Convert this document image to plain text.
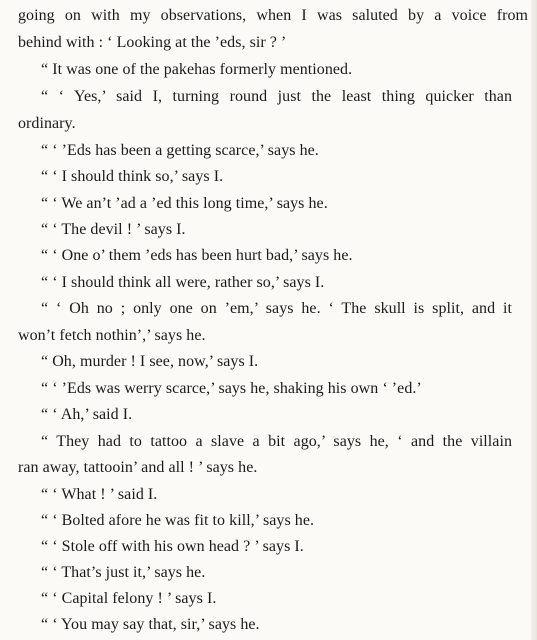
going on with my observations, when I was saluted by a voice from
behind with : ‘ Looking at the ’eds, sir ? ’
“ It was one of the pakehas formerly mentioned.
“ ‘ Yes,’ said I, turning round just the least thing quicker than
ordinary.
“ ‘ ’Eds has been a getting scarce,’ says he.
“ ‘ I should think so,’ says I.
“ ‘ We an’t ’ad a ’ed this long time,’ says he.
“ ‘ The devil ! ’ says I.
“ ‘ One o’ them ’eds has been hurt bad,’ says he.
“ ‘ I should think all were, rather so,’ says I.
“ ‘ Oh no ; only one on ’em,’ says he. ‘ The skull is split, and it
won’t fetch nothin’,’ says he.
“ Oh, murder ! I see, now,’ says I.
“ ‘ ’Eds was werry scarce,’ says he, shaking his own ‘ ’ed.’
“ ‘ Ah,’ said I.
“ They had to tattoo a slave a bit ago,’ says he, ‘ and the villain
ran away, tattooin’ and all ! ’ says he.
“ ‘ What ! ’ said I.
“ ‘ Bolted afore he was fit to kill,’ says he.
“ ‘ Stole off with his own head ? ’ says I.
“ ‘ That’s just it,’ says he.
“ ‘ Capital felony ! ’ says I.
“ ‘ You may say that, sir,’ says he.
